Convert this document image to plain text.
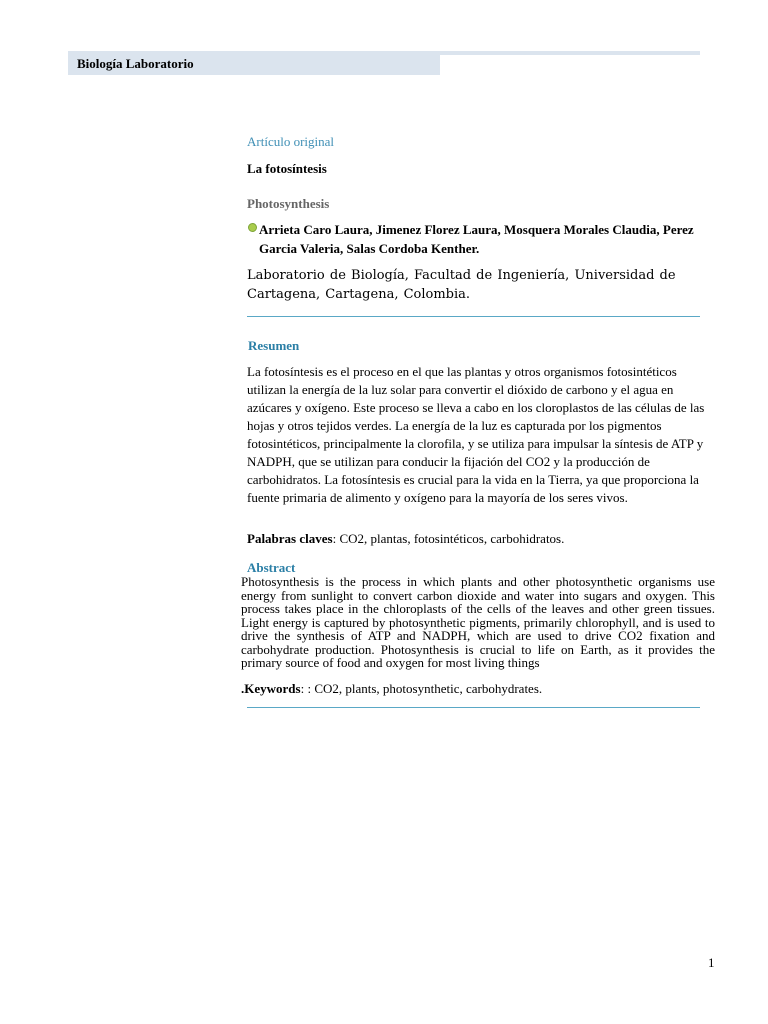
Biología Laboratorio
Artículo original
La fotosíntesis
Photosynthesis
Arrieta Caro Laura, Jimenez Florez Laura, Mosquera Morales Claudia, Perez Garcia Valeria, Salas Cordoba Kenther.
Laboratorio de Biología, Facultad de Ingeniería, Universidad de Cartagena, Cartagena, Colombia.
Resumen
La fotosíntesis es el proceso en el que las plantas y otros organismos fotosintéticos utilizan la energía de la luz solar para convertir el dióxido de carbono y el agua en azúcares y oxígeno. Este proceso se lleva a cabo en los cloroplastos de las células de las hojas y otros tejidos verdes. La energía de la luz es capturada por los pigmentos fotosintéticos, principalmente la clorofila, y se utiliza para impulsar la síntesis de ATP y NADPH, que se utilizan para conducir la fijación del CO2 y la producción de carbohidratos. La fotosíntesis es crucial para la vida en la Tierra, ya que proporciona la fuente primaria de alimento y oxígeno para la mayoría de los seres vivos.
Palabras claves: CO2, plantas, fotosintéticos, carbohidratos.
Abstract
Photosynthesis is the process in which plants and other photosynthetic organisms use energy from sunlight to convert carbon dioxide and water into sugars and oxygen. This process takes place in the chloroplasts of the cells of the leaves and other green tissues. Light energy is captured by photosynthetic pigments, primarily chlorophyll, and is used to drive the synthesis of ATP and NADPH, which are used to drive CO2 fixation and carbohydrate production. Photosynthesis is crucial to life on Earth, as it provides the primary source of food and oxygen for most living things
.Keywords: : CO2, plants, photosynthetic, carbohydrates.
1
